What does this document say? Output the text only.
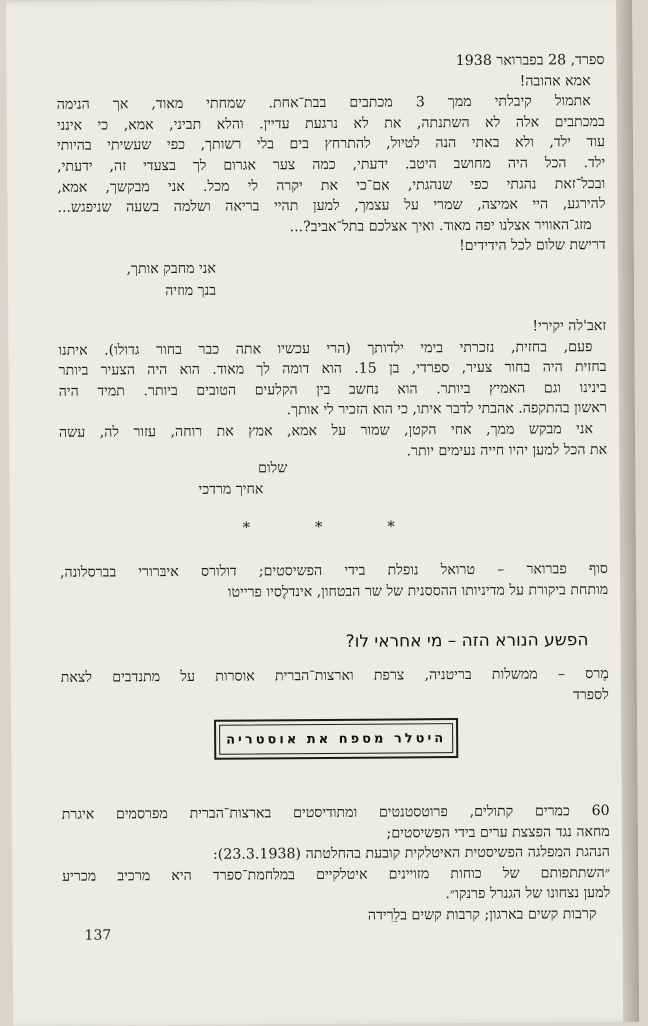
ספרד, 28 בפברואר 1938
אמא אהובה!
אתמול קיבלתי ממך 3 מכתבים בבת־אחת. שמחתי מאוד, אך הנימה
במכתבים אלה לא השתנתה, את לא נרגעת עדיין. והלא תביני, אמא, כי אינני
עוד ילד, ולא באתי הנה לטיול, להתרחץ בים בלי רשותך, כפי שעשיתי בהיותי
ילד. הכל היה מחושב היטב. ידעתי, כמה צער אגרום לך בצעדי זה, ידעתי,
ובכל־זאת נהגתי כפי שנהגתי, אם־כי את יקרה לי מכל. אני מבקשך, אמא,
להירגע, היי אמיצה, שמרי על עצמך, למען תהיי בריאה ושלמה בשעה שניפגש...
מזג־האוויר אצלנו יפה מאוד. ואיך אצלכם בתל־אביב?...
דרישת שלום לכל הידידים!
אני מחבק אותך,
בנך מוזיה
זאב'לה יקירי!
פעם, בחזית, נזכרתי בימי ילדותך (הרי עכשיו אתה כבר בחור גדולו). איתנו
בחזית היה בחור צעיר, ספרדי, בן 15. הוא דומה לך מאוד. הוא היה הצעיר ביותר
בינינו וגם האמיץ ביותר. הוא נחשב בין הקלעים הטובים ביותר. תמיד היה
ראשון בהתקפה. אהבתי לדבר איתו, כי הוא הזכיר לי אותך.
אני מבקש ממך, אחי הקטן, שמור על אמא, אמץ את רוחה, עזור לה, עשה
את הכל למען יהיו חייה נעימים יותר.
שלום
אחיך מרדכי
* * *
סוף פברואר – טרואל נופלת בידי הפשיסטים; דולורס איבּרורי בברסלונה,
מותחת ביקורת על מדיניותו ההססנית של שר הבטחון, אינדלֶסיו פרייטו
הפשע הנורא הזה – מי אחראי לו?
מֶרס – ממשלות בריטניה, צרפת וארצות־הברית אוסרות על מתנדבים לצאת
לספרד
היטלר מספח את אוסטריה
60 כמרים קתולים, פרוטסטנטים ומתודיסטים בארצות־הברית מפרסמים איגרת
מחאה נגד הפצצת ערים בידי הפשיסטים;
הנהגת המפלגה הפשיסטית האיטלקית קובעת בהחלטתה (23.3.1938):
״השתתפותם של כוחות מזויינים איטלקיים במלחמת־ספרד היא מרכיב מכריע
למען נצחונו של הגנרל פרנקו״.
קרבות קשים בארגון; קרבות קשים בלֵרִידה
137
